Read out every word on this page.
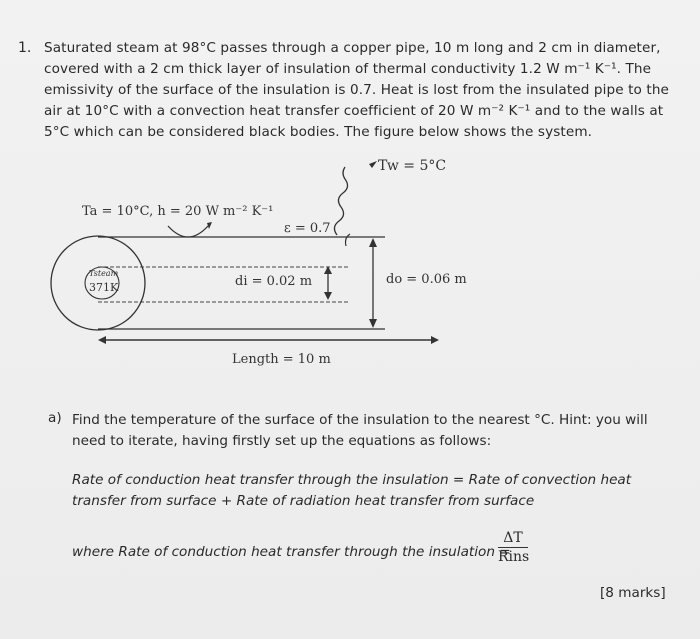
1. Saturated steam at 98°C passes through a copper pipe, 10 m long and 2 cm in diameter,
covered with a 2 cm thick layer of insulation of thermal conductivity 1.2 W m⁻¹ K⁻¹. The
emissivity of the surface of the insulation is 0.7. Heat is lost from the insulated pipe to the
air at 10°C with a convection heat transfer coefficient of 20 W m⁻² K⁻¹ and to the walls at
5°C which can be considered black bodies. The figure below shows the system.
Tw = 5°C
Ta = 10°C, h = 20 W m⁻² K⁻¹
ε = 0.7
Tsteam
371K	di = 0.02 m	do = 0.06 m
Length = 10 m
a) Find the temperature of the surface of the insulation to the nearest °C. Hint: you will
need to iterate, having firstly set up the equations as follows:
Rate of conduction heat transfer through the insulation = Rate of convection heat
transfer from surface + Rate of radiation heat transfer from surface
where Rate of conduction heat transfer through the insulation =
ΔT
Rins
[8 marks]
